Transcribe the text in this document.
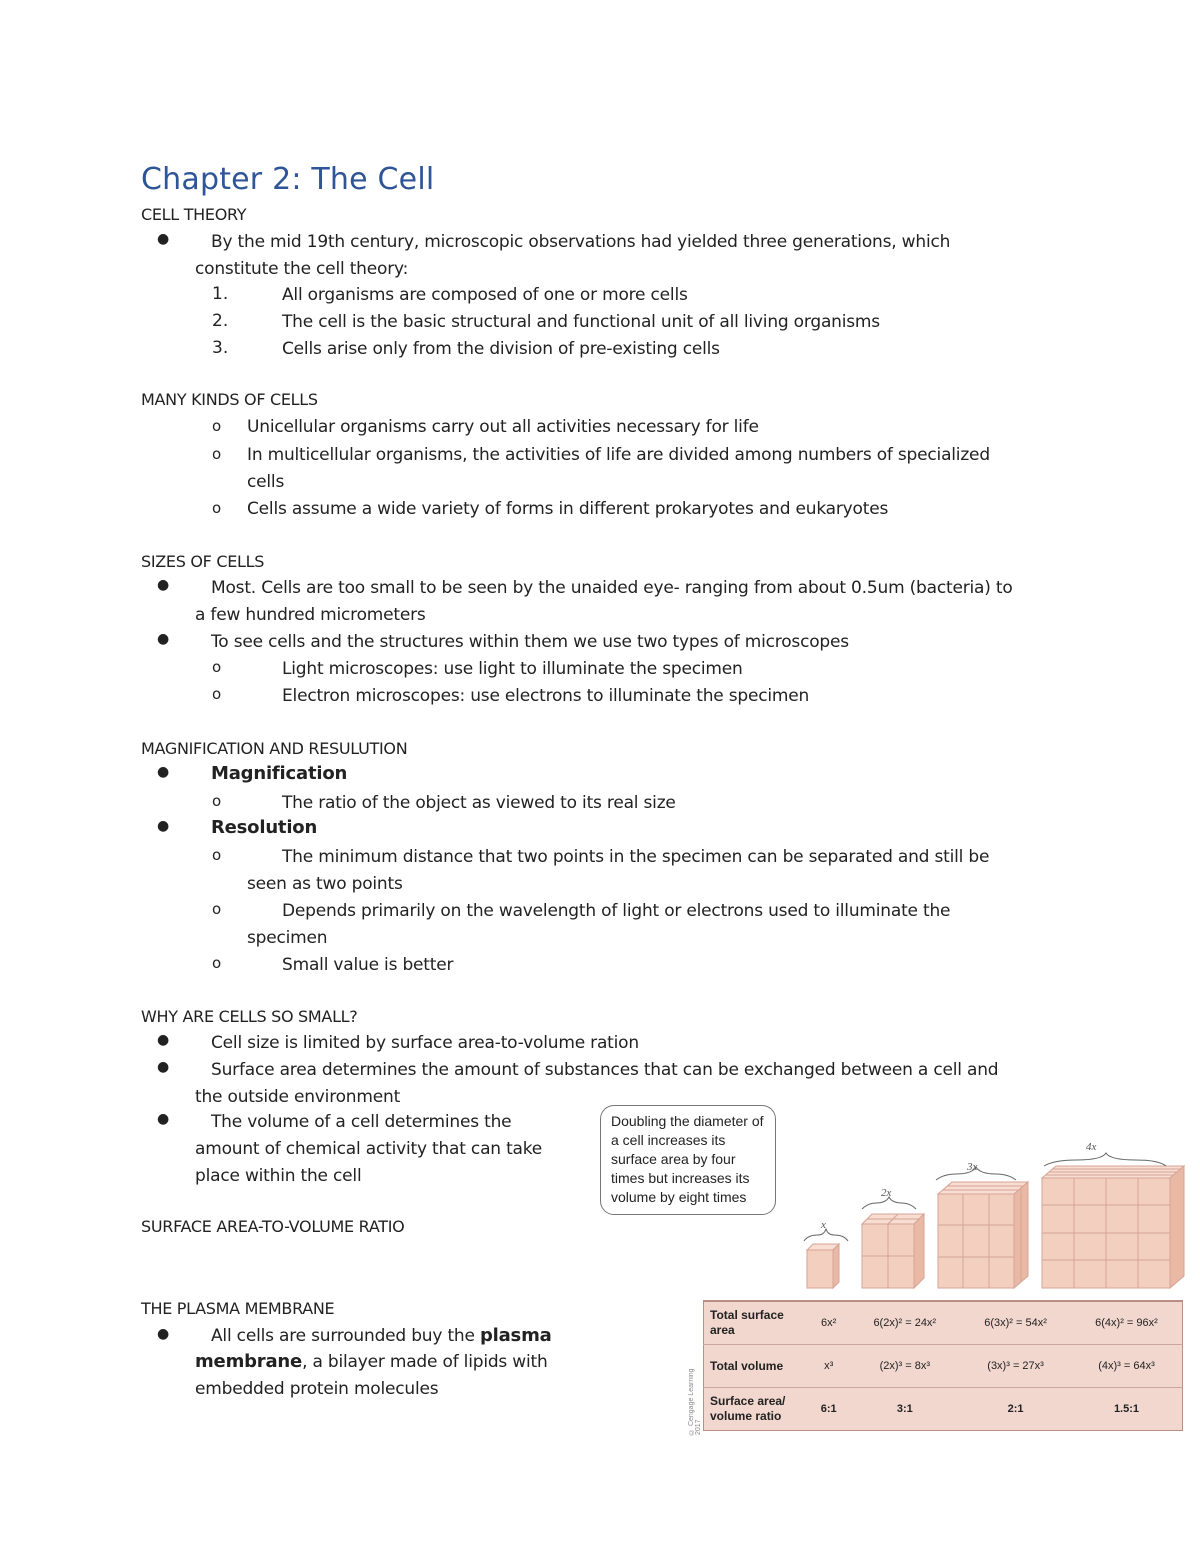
Chapter 2: The Cell
CELL THEORY
● By the mid 19th century, microscopic observations had yielded three generations, which
constitute the cell theory:
1.	All organisms are composed of one or more cells
2.	The cell is the basic structural and functional unit of all living organisms
3.	Cells arise only from the division of pre-existing cells
MANY KINDS OF CELLS
o Unicellular organisms carry out all activities necessary for life
o In multicellular organisms, the activities of life are divided among numbers of specialized
cells
o Cells assume a wide variety of forms in different prokaryotes and eukaryotes
SIZES OF CELLS
● Most. Cells are too small to be seen by the unaided eye- ranging from about 0.5um (bacteria) to
a few hundred micrometers
● To see cells and the structures within them we use two types of microscopes
o	Light microscopes: use light to illuminate the specimen
o	Electron microscopes: use electrons to illuminate the specimen
MAGNIFICATION AND RESULUTION
● Magnification
o	The ratio of the object as viewed to its real size
● Resolution
o	The minimum distance that two points in the specimen can be separated and still be
seen as two points
o	Depends primarily on the wavelength of light or electrons used to illuminate the
specimen
o	Small value is better
WHY ARE CELLS SO SMALL?
● Cell size is limited by surface area-to-volume ration
● Surface area determines the amount of substances that can be exchanged between a cell and
the outside environment
● The volume of a cell determines the
amount of chemical activity that can take
place within the cell
SURFACE AREA-TO-VOLUME RATIO
THE PLASMA MEMBRANE
● All cells are surrounded buy the plasma
membrane, a bilayer made of lipids with
embedded protein molecules
x
2x
3x
4x
Doubling the diameter of a cell increases its surface area by four times but increases its volume by eight times
© Cengage Learning 2017
Total surface area	6x²	6(2x)² = 24x²	6(3x)² = 54x²	6(4x)² = 96x²
Total volume	x³	(2x)³ = 8x³	(3x)³ = 27x³	(4x)³ = 64x³
Surface area/ volume ratio	6:1	3:1	2:1	1.5:1
